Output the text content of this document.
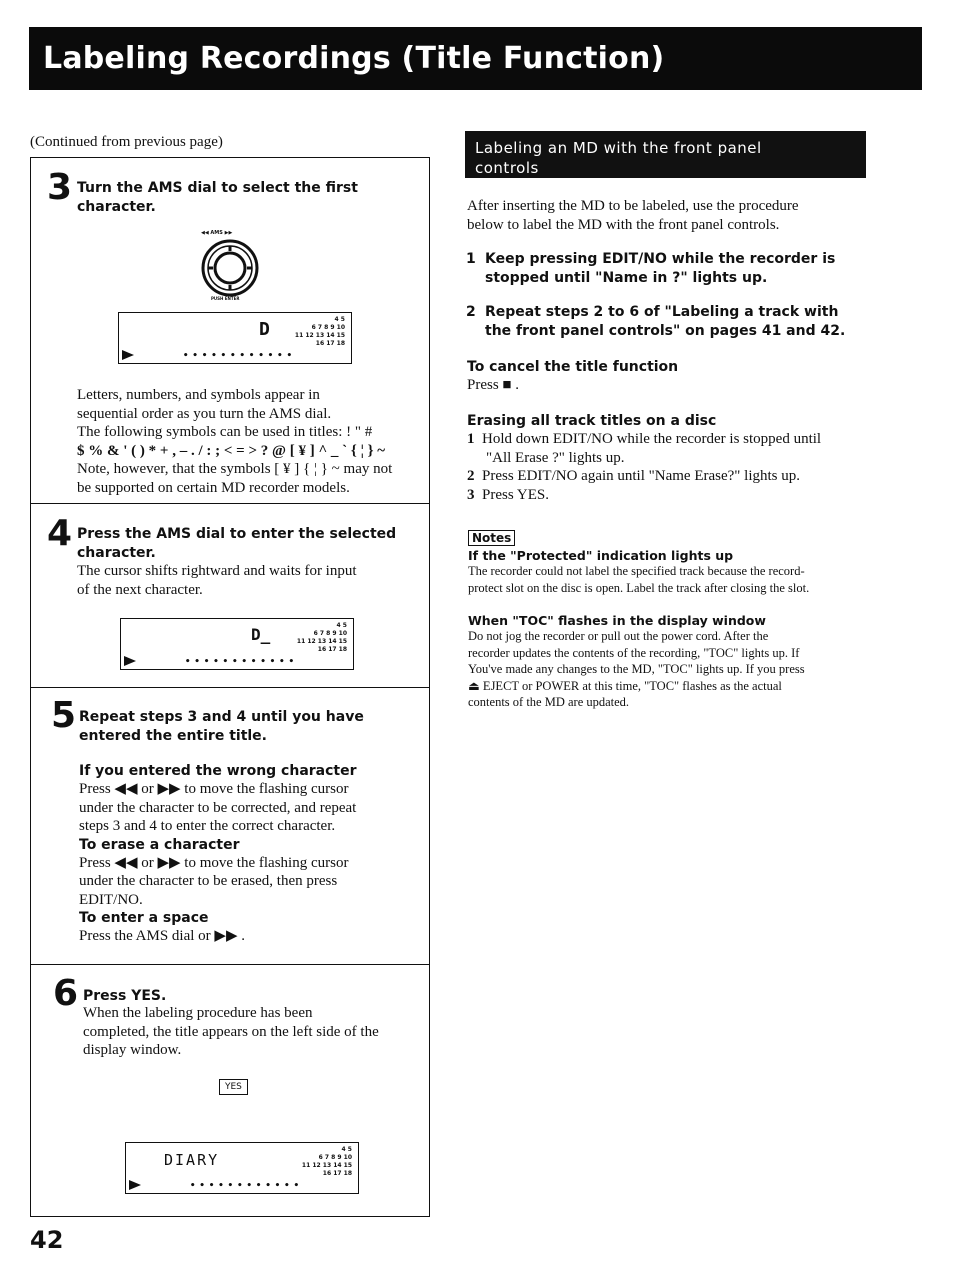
Labeling Recordings (Title Function)
(Continued from previous page)
3 Turn the AMS dial to select the first character.
◀◀ AMS ▶▶
PUSH ENTER
D
••••••••••••
4 5
6 7 8 9 10
11 12 13 14 15
16 17 18
Letters, numbers, and symbols appear in
sequential order as you turn the AMS dial.
The following symbols can be used in titles: ! " #
$ % & ' ( ) * + , – . / : ; < = > ? @ [ ¥ ] ^ _ ` { ¦ } ~
Note, however, that the symbols [ ¥ ] { ¦ } ~ may not
be supported on certain MD recorder models.
4 Press the AMS dial to enter the selected character.
The cursor shifts rightward and waits for input
of the next character.
D_
••••••••••••
4 5
6 7 8 9 10
11 12 13 14 15
16 17 18
5 Repeat steps 3 and 4 until you have entered the entire title.
If you entered the wrong character
Press ◀◀ or ▶▶ to move the flashing cursor
under the character to be corrected, and repeat
steps 3 and 4 to enter the correct character.
To erase a character
Press ◀◀ or ▶▶ to move the flashing cursor
under the character to be erased, then press
EDIT/NO.
To enter a space
Press the AMS dial or ▶▶ .
6 Press YES.
When the labeling procedure has been
completed, the title appears on the left side of the
display window.
YES
DIARY
••••••••••••
4 5
6 7 8 9 10
11 12 13 14 15
16 17 18
Labeling an MD with the front panel controls
After inserting the MD to be labeled, use the procedure
below to label the MD with the front panel controls.
1 Keep pressing EDIT/NO while the recorder is
stopped until "Name in ?" lights up.
2 Repeat steps 2 to 6 of "Labeling a track with
the front panel controls" on pages 41 and 42.
To cancel the title function
Press ■ .
Erasing all track titles on a disc
1 Hold down EDIT/NO while the recorder is stopped until
"All Erase ?" lights up.
2 Press EDIT/NO again until "Name Erase?" lights up.
3 Press YES.
Notes
If the "Protected" indication lights up
The recorder could not label the specified track because the record-
protect slot on the disc is open. Label the track after closing the slot.
When "TOC" flashes in the display window
Do not jog the recorder or pull out the power cord. After the
recorder updates the contents of the recording, "TOC" lights up. If
You've made any changes to the MD, "TOC" lights up. If you press
⏏ EJECT or POWER at this time, "TOC" flashes as the actual
contents of the MD are updated.
42
